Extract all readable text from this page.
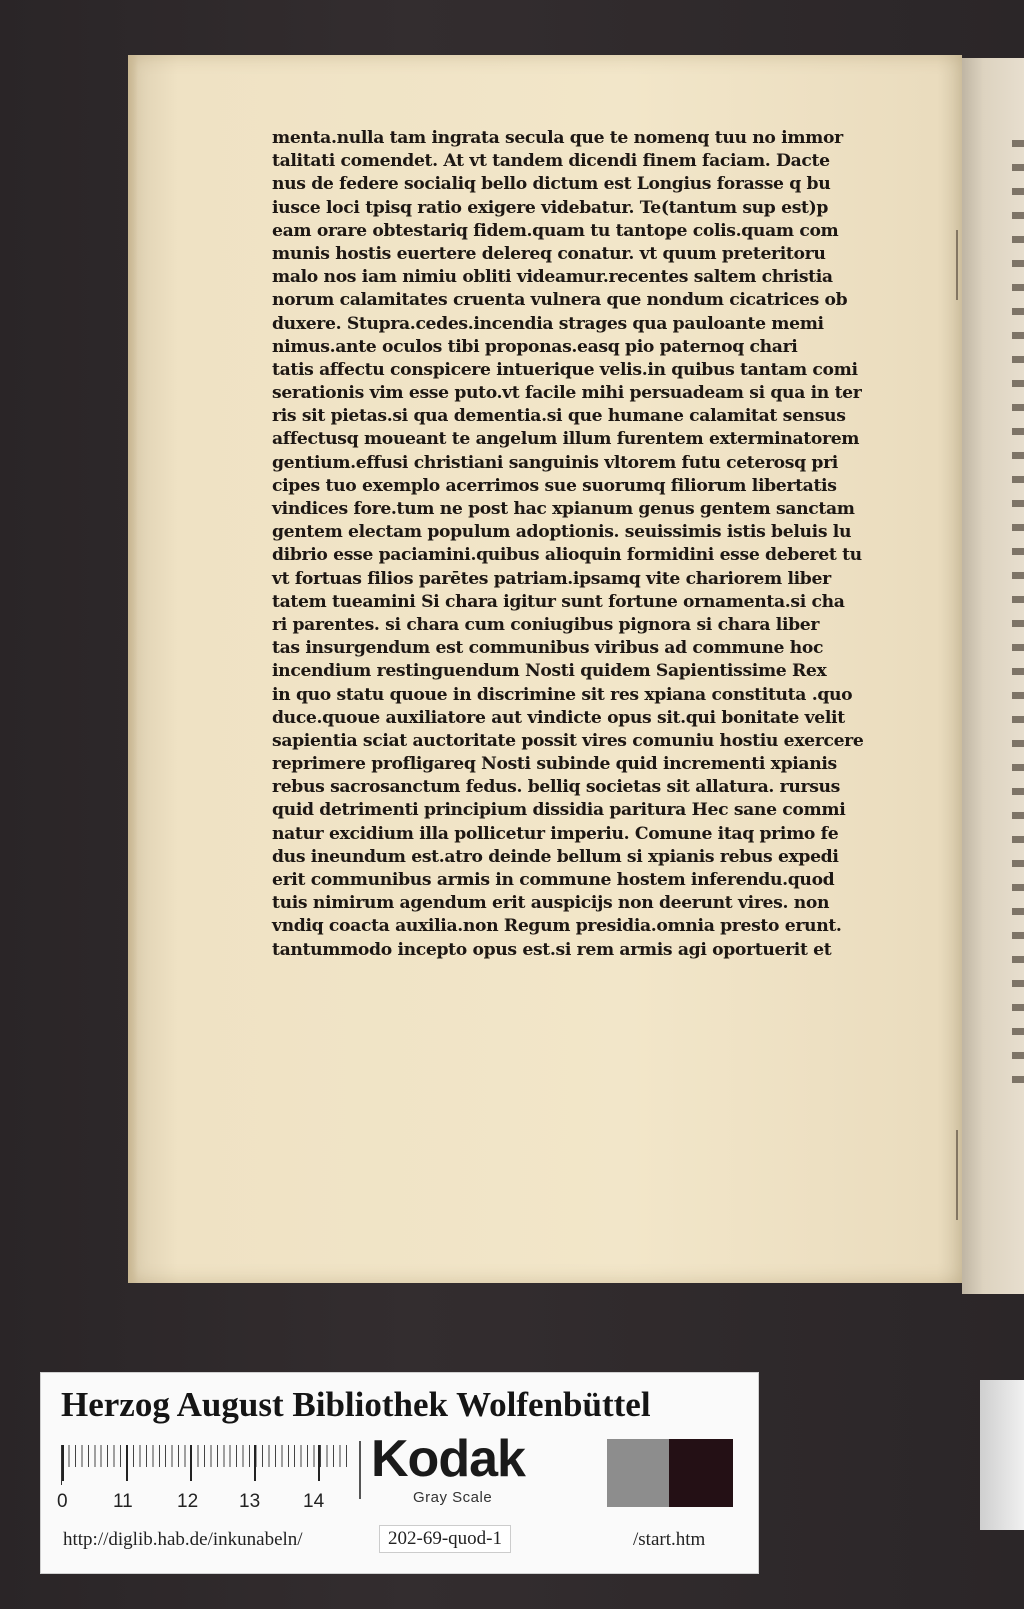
menta.nulla tam ingrata secula que te nomenq tuu no immor
talitati comendet. At vt tandem dicendi finem faciam. Dacte
nus de federe socialiq bello dictum est Longius forasse q bu
iusce loci tpisq ratio exigere videbatur. Te(tantum sup est)p
eam orare obtestariq fidem.quam tu tantope colis.quam com
munis hostis euertere delereq conatur. vt quum preteritoru
malo nos iam nimiu obliti videamur.recentes saltem christia
norum calamitates cruenta vulnera que nondum cicatrices ob
duxere. Stupra.cedes.incendia strages qua pauloante memi
nimus.ante oculos tibi proponas.easq pio paternoq chari
tatis affectu conspicere intuerique velis.in quibus tantam comi
serationis vim esse puto.vt facile mihi persuadeam si qua in ter
ris sit pietas.si qua dementia.si que humane calamitat sensus
affectusq moueant te angelum illum furentem exterminatorem
gentium.effusi christiani sanguinis vltorem futu ceterosq pri
cipes tuo exemplo acerrimos sue suorumq filiorum libertatis
vindices fore.tum ne post hac xpianum genus gentem sanctam
gentem electam populum adoptionis. seuissimis istis beluis lu
dibrio esse paciamini.quibus alioquin formidini esse deberet tu
vt fortuas filios parētes patriam.ipsamq vite chariorem liber
tatem tueamini Si chara igitur sunt fortune ornamenta.si cha
ri parentes. si chara cum coniugibus pignora si chara liber
tas insurgendum est communibus viribus ad commune hoc
incendium restinguendum Nosti quidem Sapientissime Rex
in quo statu quoue in discrimine sit res xpiana constituta .quo
duce.quoue auxiliatore aut vindicte opus sit.qui bonitate velit
sapientia sciat auctoritate possit vires comuniu hostiu exercere
reprimere profligareq Nosti subinde quid incrementi xpianis
rebus sacrosanctum fedus. belliq societas sit allatura. rursus
quid detrimenti principium dissidia paritura Hec sane commi
natur excidium illa pollicetur imperiu. Comune itaq primo fe
dus ineundum est.atro deinde bellum si xpianis rebus expedi
erit communibus armis in commune hostem inferendu.quod
tuis nimirum agendum erit auspicijs non deerunt vires. non
vndiq coacta auxilia.non Regum presidia.omnia presto erunt.
tantummodo incepto opus est.si rem armis agi oportuerit et
Herzog August Bibliothek Wolfenbüttel
0 11 12 13 14
Kodak
Gray Scale
http://diglib.hab.de/inkunabeln/	202-69-quod-1	/start.htm
